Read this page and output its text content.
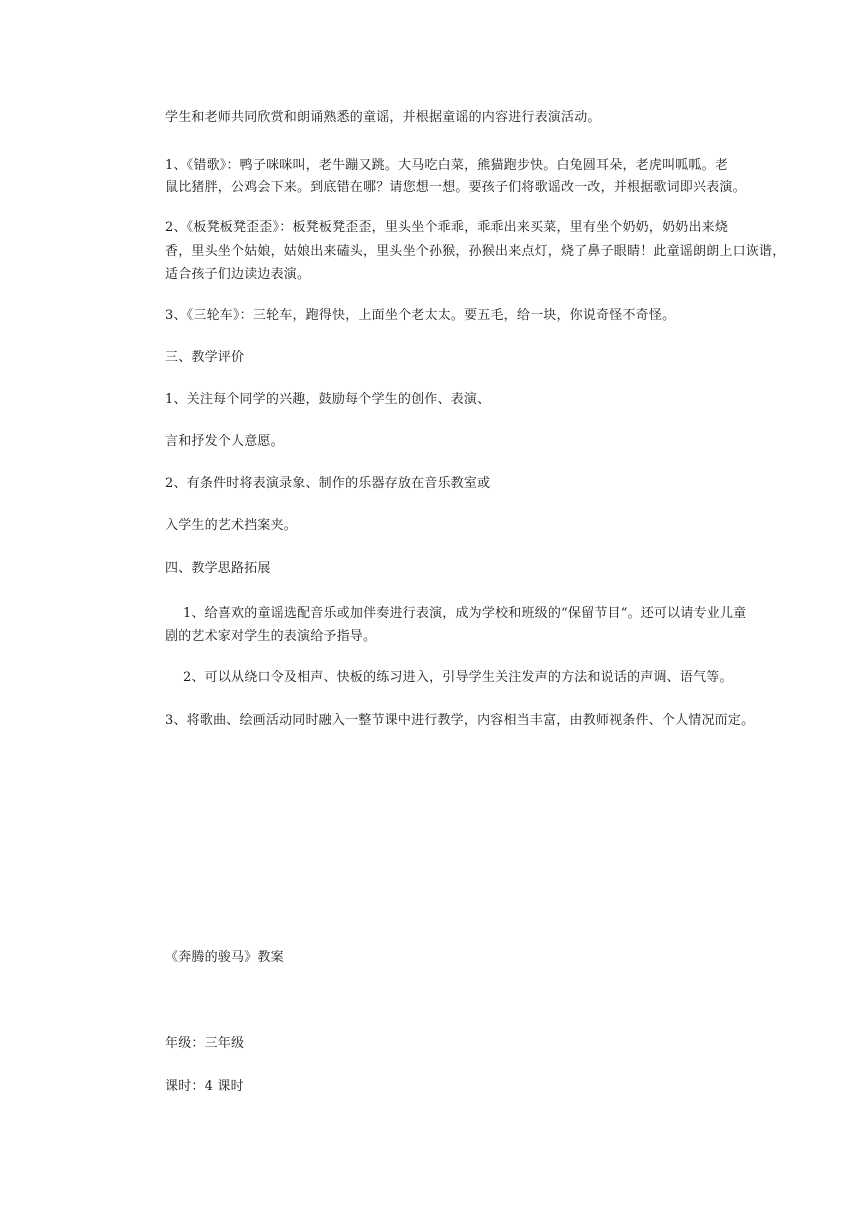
学生和老师共同欣赏和朗诵熟悉的童谣，并根据童谣的内容进行表演活动。
1、《错歌》：鸭子咪咪叫，老牛蹦又跳。大马吃白菜，熊猫跑步快。白兔圆耳朵，老虎叫呱呱。老
鼠比猪胖，公鸡会下来。到底错在哪？请您想一想。要孩子们将歌谣改一改，并根据歌词即兴表演。
2、《板凳板凳歪歪》：板凳板凳歪歪，里头坐个乖乖，乖乖出来买菜，里有坐个奶奶，奶奶出来烧
香，里头坐个姑娘，姑娘出来磕头，里头坐个孙猴，孙猴出来点灯，烧了鼻子眼睛！此童谣朗朗上口诙谐，
适合孩子们边读边表演。
3、《三轮车》：三轮车，跑得快，上面坐个老太太。要五毛，给一块，你说奇怪不奇怪。
三、教学评价
1、关注每个同学的兴趣，鼓励每个学生的创作、表演、
言和抒发个人意愿。
2、有条件时将表演录象、制作的乐器存放在音乐教室或
入学生的艺术挡案夹。
四、教学思路拓展
1、给喜欢的童谣选配音乐或加伴奏进行表演，成为学校和班级的“保留节目“。还可以请专业儿童
剧的艺术家对学生的表演给予指导。
2、可以从绕口令及相声、快板的练习进入，引导学生关注发声的方法和说话的声调、语气等。
3、将歌曲、绘画活动同时融入一整节课中进行教学，内容相当丰富，由教师视条件、个人情况而定。
《奔腾的骏马》教案
年级：三年级
课时：4 课时
